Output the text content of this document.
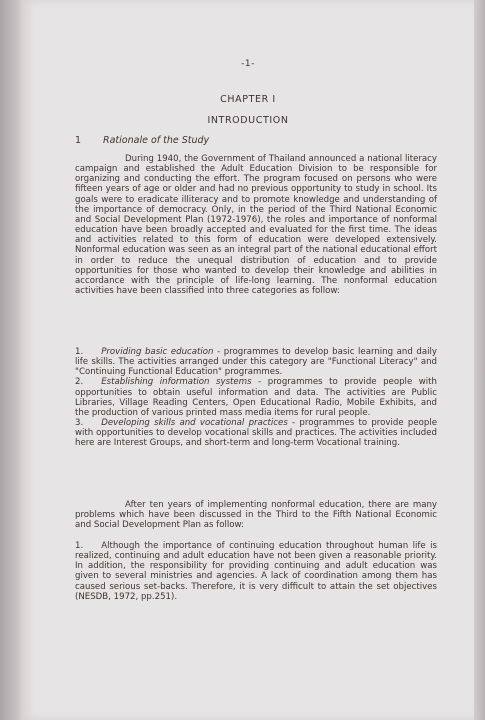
-1-
CHAPTER I
INTRODUCTION
1 Rationale of the Study

During 1940, the Government of Thailand announced a national literacy campaign and established the Adult Education Division to be responsible for organizing and conducting the effort. The program focused on persons who were fifteen years of age or older and had no previous opportunity to study in school. Its goals were to eradicate illiteracy and to promote knowledge and understanding of the importance of democracy. Only, in the period of the Third National Economic and Social Development Plan (1972-1976), the roles and importance of nonformal education have been broadly accepted and evaluated for the first time. The ideas and activities related to this form of education were developed extensively. Nonformal education was seen as an integral part of the national educational effort in order to reduce the unequal distribution of education and to provide opportunities for those who wanted to develop their knowledge and abilities in accordance with the principle of life-long learning. The nonformal education activities have been classified into three categories as follow:

1. Providing basic education - programmes to develop basic learning and daily life skills. The activities arranged under this category are "Functional Literacy" and "Continuing Functional Education" programmes.

2. Establishing information systems - programmes to provide people with opportunities to obtain useful information and data. The activities are Public Libraries, Village Reading Centers, Open Educational Radio, Mobile Exhibits, and the production of various printed mass media items for rural people.

3. Developing skills and vocational practices - programmes to provide people with opportunities to develop vocational skills and practices. The activities included here are Interest Groups, and short-term and long-term Vocational training.

After ten years of implementing nonformal education, there are many problems which have been discussed in the Third to the Fifth National Economic and Social Development Plan as follow:

1. Although the importance of continuing education throughout human life is realized, continuing and adult education have not been given a reasonable priority. In addition, the responsibility for providing continuing and adult education was given to several ministries and agencies. A lack of coordination among them has caused serious set-backs. Therefore, it is very difficult to attain the set objectives (NESDB, 1972, pp.251).
